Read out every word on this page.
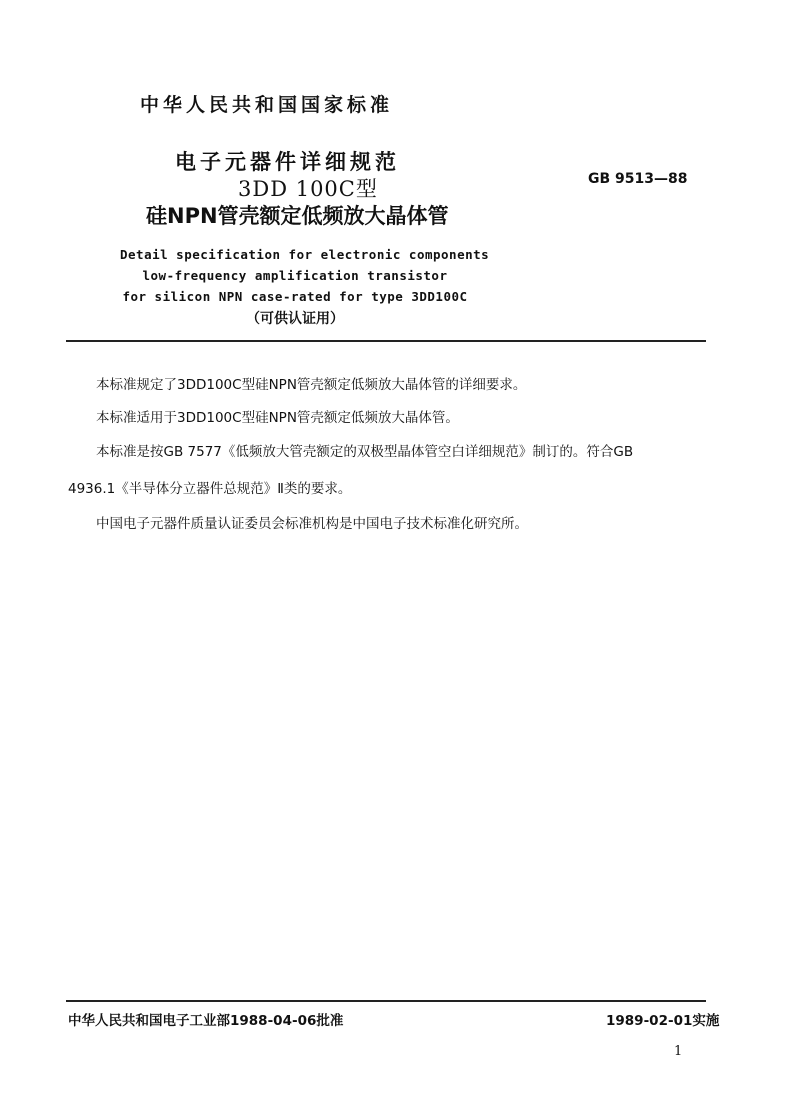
中华人民共和国国家标准
电子元器件详细规范
3DD 100C型
硅NPN管壳额定低频放大晶体管
GB 9513—88
Detail specification for electronic components
low-frequency amplification transistor
for silicon NPN case-rated for type 3DD100C
（可供认证用）
本标准规定了3DD100C型硅NPN管壳额定低频放大晶体管的详细要求。
本标准适用于3DD100C型硅NPN管壳额定低频放大晶体管。
本标准是按GB 7577《低频放大管壳额定的双极型晶体管空白详细规范》制订的。符合GB
4936.1《半导体分立器件总规范》Ⅱ类的要求。
中国电子元器件质量认证委员会标准机构是中国电子技术标准化研究所。
中华人民共和国电子工业部1988-04-06批准	1989-02-01实施
1
